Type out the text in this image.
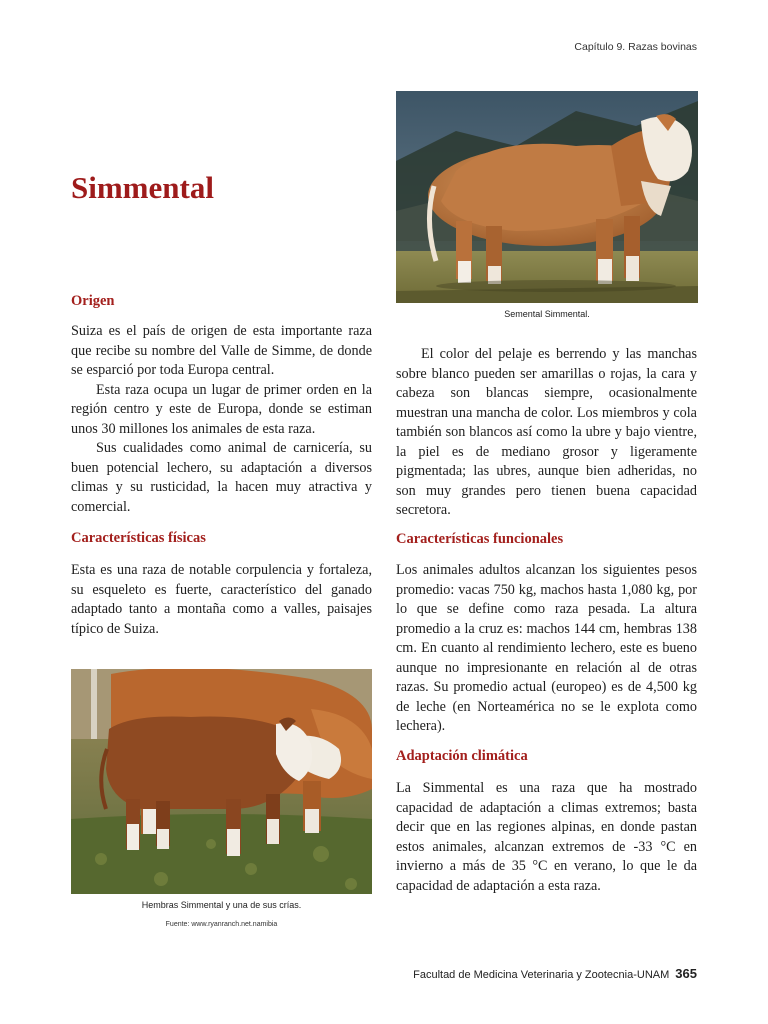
Capítulo 9. Razas bovinas
Simmental
Semental Simmental.
Origen
Suiza es el país de origen de esta importante raza que recibe su nombre del Valle de Simme, de donde se esparció por toda Europa central.
Esta raza ocupa un lugar de primer orden en la región centro y este de Europa, donde se estiman unos 30 millones los animales de esta raza.
Sus cualidades como animal de carnicería, su buen potencial lechero, su adaptación a diversos climas y su rusticidad, la hacen muy atractiva y comercial.
Características físicas
Esta es una raza de notable corpulencia y fortaleza, su esqueleto es fuerte, característico del ganado adaptado tanto a montaña como a valles, paisajes típico de Suiza.
Hembras Simmental y una de sus crías.
Fuente: www.ryanranch.net.namibia
El color del pelaje es berrendo y las manchas sobre blanco pueden ser amarillas o rojas, la cara y cabeza son blancas siempre, ocasionalmente muestran una mancha de color. Los miembros y cola también son blancos así como la ubre y bajo vientre, la piel es de mediano grosor y ligeramente pigmentada; las ubres, aunque bien adheridas, no son muy grandes pero tienen buena capacidad secretora.
Características funcionales
Los animales adultos alcanzan los siguientes pesos promedio: vacas 750 kg, machos hasta 1,080 kg, por lo que se define como raza pesada. La altura promedio a la cruz es: machos 144 cm, hembras 138 cm. En cuanto al rendimiento lechero, este es bueno aunque no impresionante en relación al de otras razas. Su promedio actual (europeo) es de 4,500 kg de leche (en Norteamérica no se le explota como lechera).
Adaptación climática
La Simmental es una raza que ha mostrado capacidad de adaptación a climas extremos; basta decir que en las regiones alpinas, en donde pastan estos animales, alcanzan extremos de -33 °C en invierno a más de 35 °C en verano, lo que le da capacidad de adaptación a esta raza.
Facultad de Medicina Veterinaria y Zootecnia-UNAM 365
